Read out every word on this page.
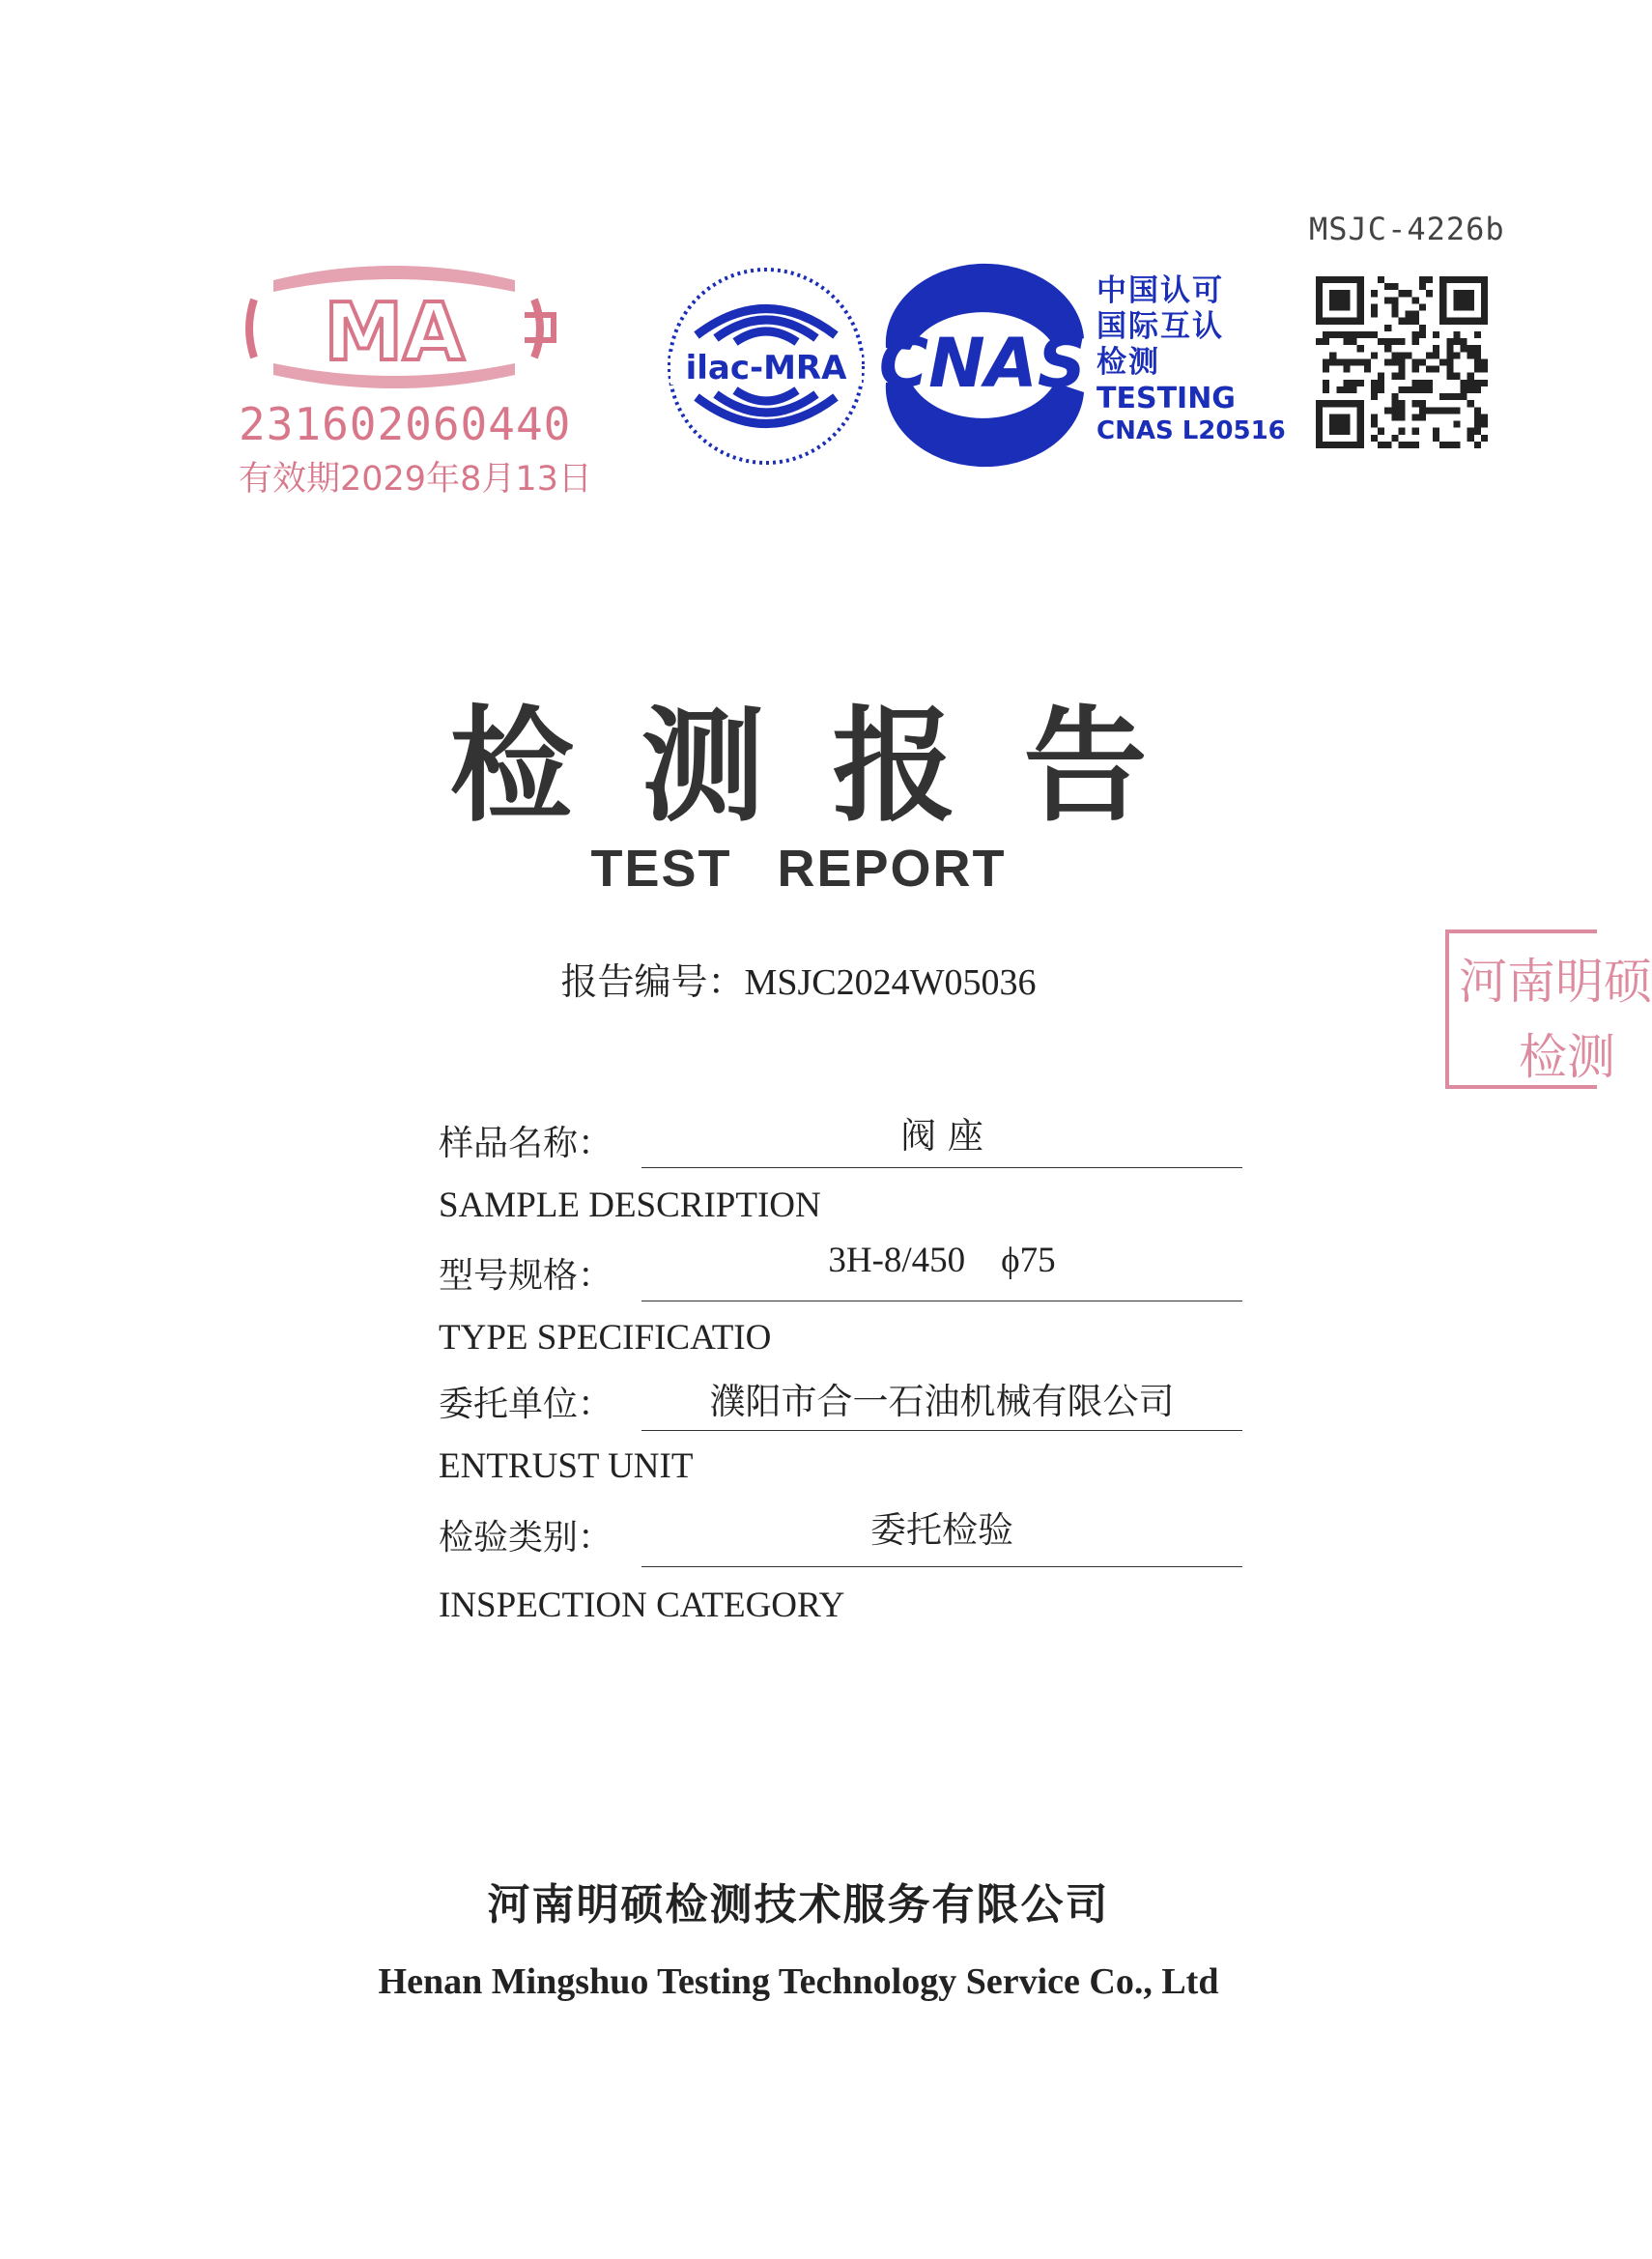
MSJC-4226b
MA
231602060440
有效期2029年8月13日
ilac-MRA CNAS
中国认可
国际互认
检测
TESTING
CNAS L20516
检测报告
TEST REPORT
报告编号：MSJC2024W05036
样品名称：	阀 座
SAMPLE DESCRIPTION
型号规格：	3H-8/450    ϕ75
TYPE SPECIFICATIO
委托单位：	濮阳市合一石油机械有限公司
ENTRUST UNIT
检验类别：	委托检验
INSPECTION CATEGORY
河南明硕
检测
河南明硕检测技术服务有限公司
Henan Mingshuo Testing Technology Service Co., Ltd
